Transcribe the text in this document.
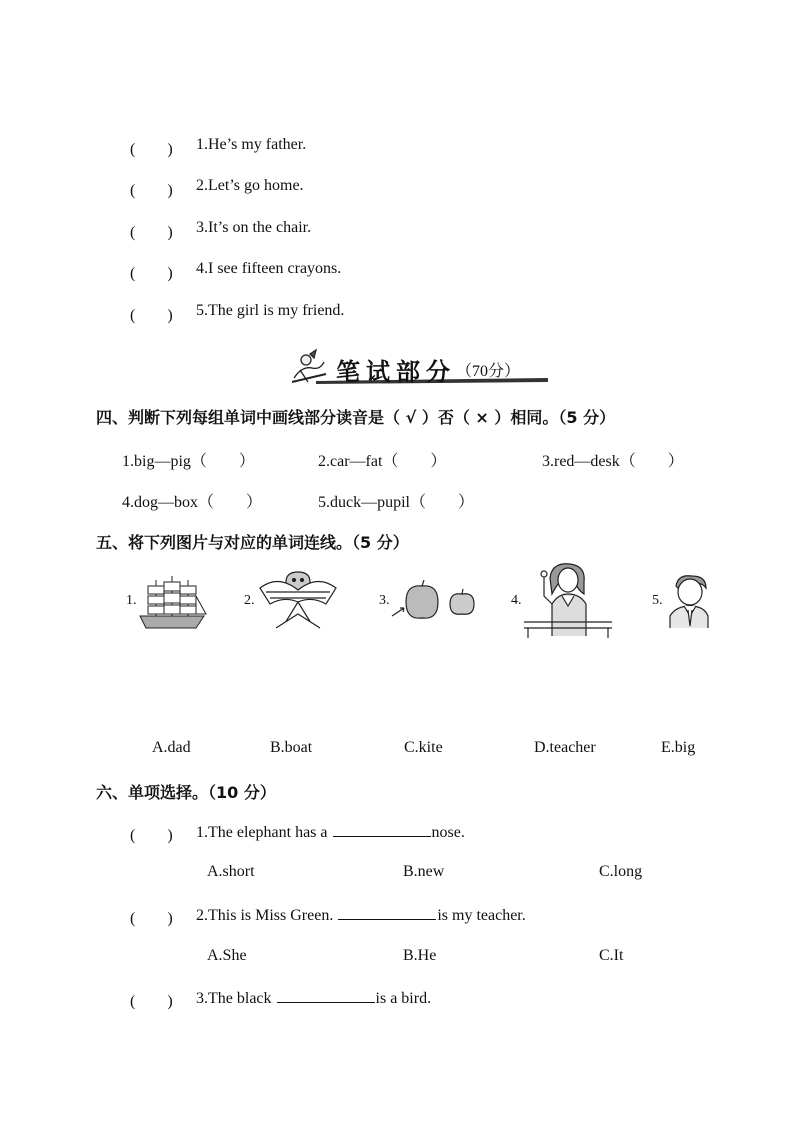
(　　) 1.He’s my father.
(　　) 2.Let’s go home.
(　　) 3.It’s on the chair.
(　　) 4.I see fifteen crayons.
(　　) 5.The girl is my friend.
笔试部分 （70分）
四、判断下列每组单词中画线部分读音是（ √ ）否（ × ）相同。（5 分）
1.big—pig（　　）	2.car—fat（　　）	3.red—desk（　　）
4.dog—box（　　）	5.duck—pupil（　　）
五、将下列图片与对应的单词连线。（5 分）
1.	2.	3.	4.	5.
A.dad	B.boat	C.kite	D.teacher	E.big
六、单项选择。（10 分）
(　　) 1.The elephant has a	nose.
A.short	B.new	C.long
(　　) 2.This is Miss Green.	is my teacher.
A.She	B.He	C.It
(　　) 3.The black	is a bird.
